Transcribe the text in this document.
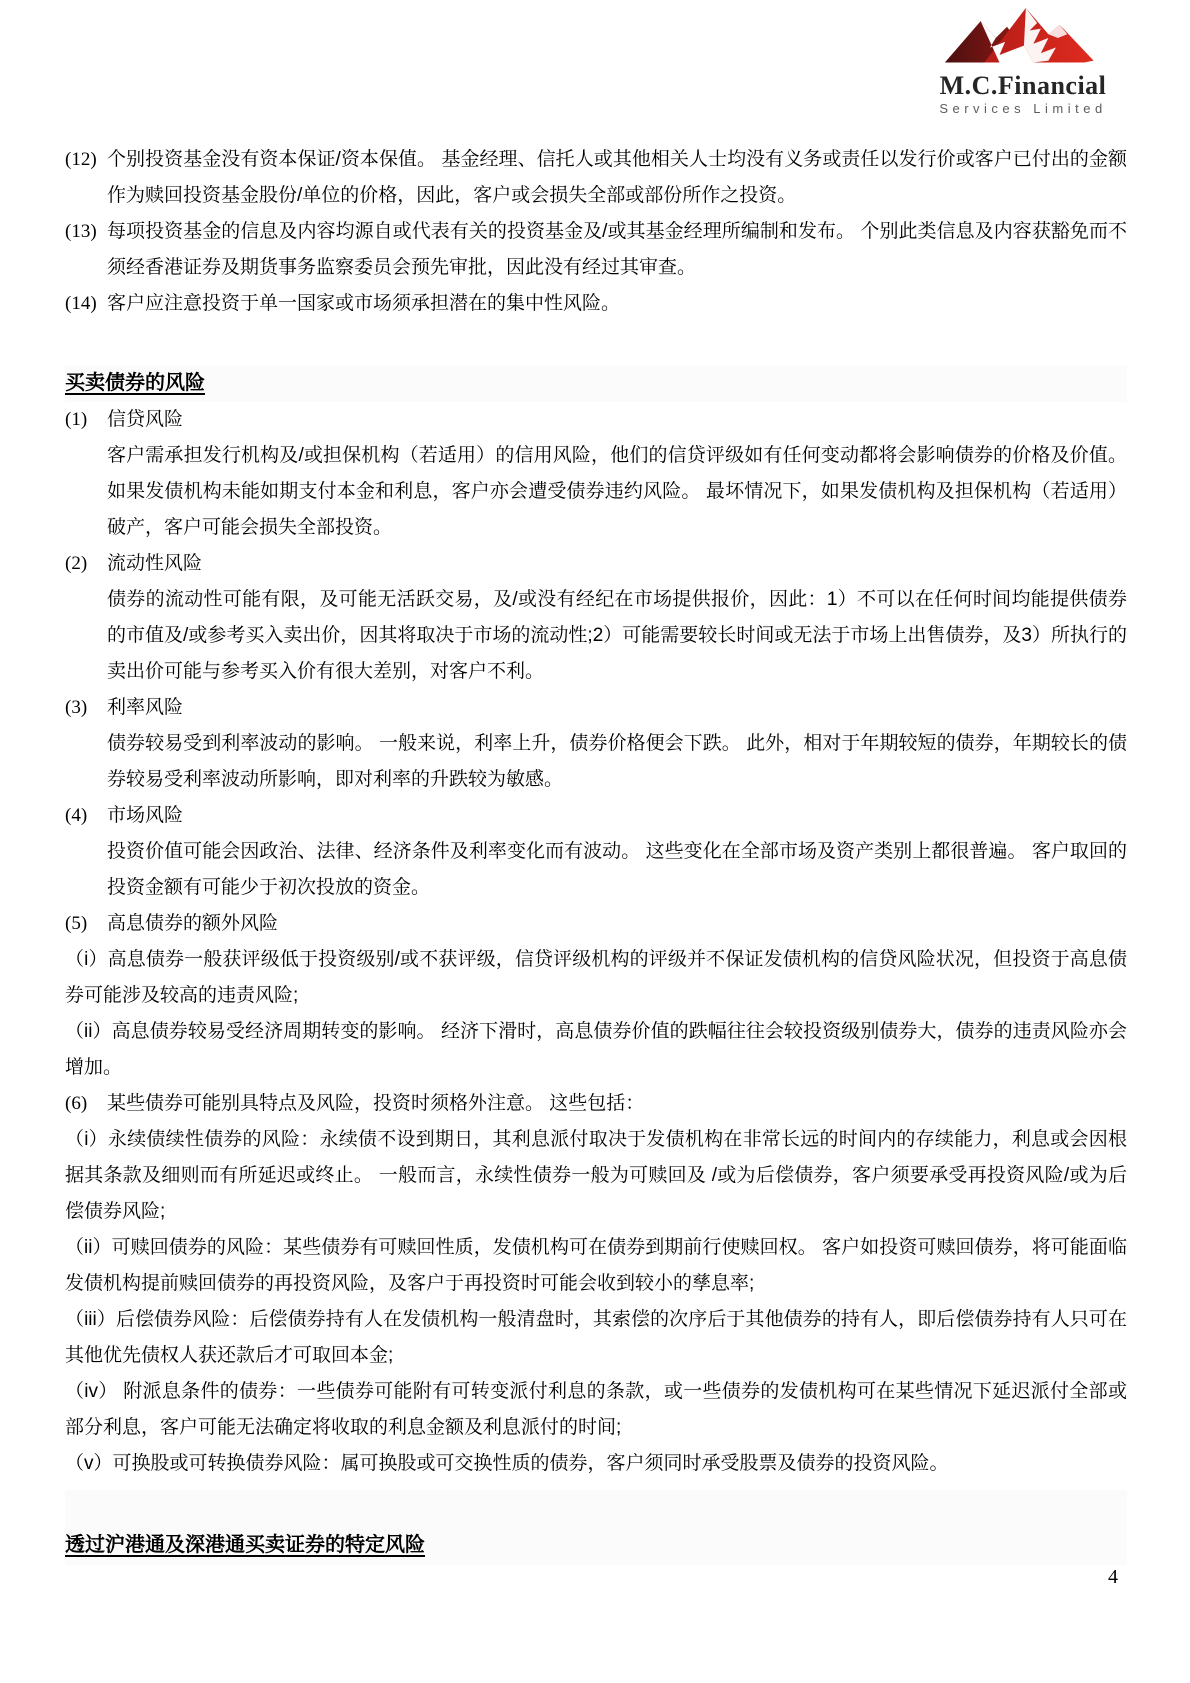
M.C.Financial
Services Limited
(12) 个别投资基金没有资本保证/资本保值。 基金经理、信托人或其他相关人士均没有义务或责任以发行价或客户已付出的金额作为赎回投资基金股份/单位的价格，因此，客户或会损失全部或部份所作之投资。
(13) 每项投资基金的信息及内容均源自或代表有关的投资基金及/或其基金经理所编制和发布。 个别此类信息及内容获豁免而不须经香港证券及期货事务监察委员会预先审批，因此没有经过其审查。
(14) 客户应注意投资于单一国家或市场须承担潜在的集中性风险。
买卖债券的风险
(1)	信贷风险
客户需承担发行机构及/或担保机构（若适用）的信用风险，他们的信贷评级如有任何变动都将会影响债券的价格及价值。 如果发债机构未能如期支付本金和利息，客户亦会遭受债券违约风险。 最坏情况下，如果发债机构及担保机构（若适用）破产，客户可能会损失全部投资。
(2)	流动性风险
债券的流动性可能有限，及可能无活跃交易，及/或没有经纪在市场提供报价，因此：1）不可以在任何时间均能提供债券的市值及/或参考买入卖出价，因其将取决于市场的流动性;2）可能需要较长时间或无法于市场上出售债券，及3）所执行的卖出价可能与参考买入价有很大差别，对客户不利。
(3)	利率风险
债券较易受到利率波动的影响。 一般来说，利率上升，债券价格便会下跌。 此外，相对于年期较短的债券，年期较长的债券较易受利率波动所影响，即对利率的升跌较为敏感。
(4)	市场风险
投资价值可能会因政治、法律、经济条件及利率变化而有波动。 这些变化在全部市场及资产类别上都很普遍。 客户取回的投资金额有可能少于初次投放的资金。
(5)	高息债券的额外风险
（i）高息债券一般获评级低于投资级别/或不获评级，信贷评级机构的评级并不保证发债机构的信贷风险状况，但投资于高息债券可能涉及较高的违责风险;
（ii）高息债券较易受经济周期转变的影响。 经济下滑时，高息债券价值的跌幅往往会较投资级别债券大，债券的违责风险亦会增加。
(6)	某些债券可能别具特点及风险，投资时须格外注意。 这些包括：
（i）永续债续性债券的风险：永续债不设到期日，其利息派付取决于发债机构在非常长远的时间内的存续能力，利息或会因根据其条款及细则而有所延迟或终止。 一般而言，永续性债券一般为可赎回及 /或为后偿债券，客户须要承受再投资风险/或为后偿债券风险;
（ii）可赎回债券的风险：某些债券有可赎回性质，发债机构可在债券到期前行使赎回权。 客户如投资可赎回债券，将可能面临发债机构提前赎回债券的再投资风险，及客户于再投资时可能会收到较小的孳息率;
（iii）后偿债券风险：后偿债券持有人在发债机构一般清盘时，其索偿的次序后于其他债券的持有人，即后偿债券持有人只可在其他优先债权人获还款后才可取回本金;
（iv） 附派息条件的债券：一些债券可能附有可转变派付利息的条款，或一些债券的发债机构可在某些情况下延迟派付全部或部分利息，客户可能无法确定将收取的利息金额及利息派付的时间;
（v）可换股或可转换债券风险：属可换股或可交换性质的债券，客户须同时承受股票及债券的投资风险。
透过沪港通及深港通买卖证券的特定风险
4
